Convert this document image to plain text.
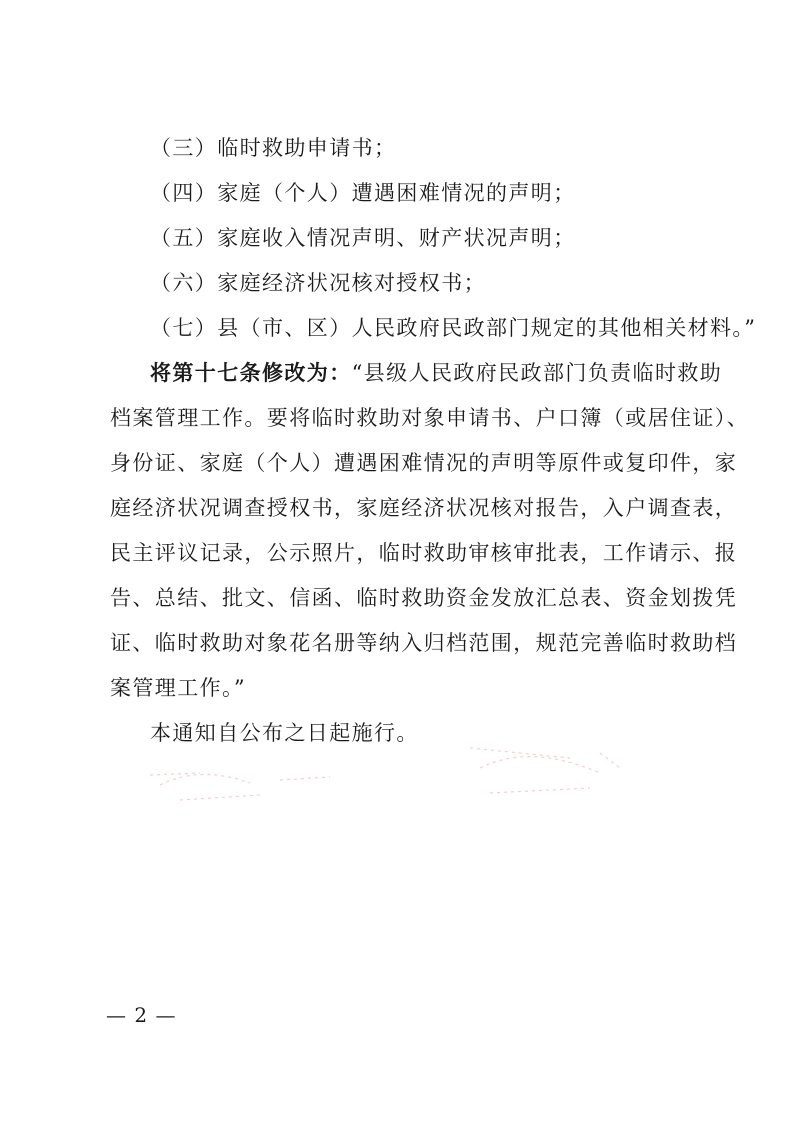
（三）临时救助申请书；
（四）家庭（个人）遭遇困难情况的声明；
（五）家庭收入情况声明、财产状况声明；
（六）家庭经济状况核对授权书；
（七）县（市、区）人民政府民政部门规定的其他相关材料。”
将第十七条修改为：“县级人民政府民政部门负责临时救助
档案管理工作。要将临时救助对象申请书、户口簿（或居住证）、
身份证、家庭（个人）遭遇困难情况的声明等原件或复印件，家
庭经济状况调查授权书，家庭经济状况核对报告，入户调查表，
民主评议记录，公示照片，临时救助审核审批表，工作请示、报
告、总结、批文、信函、临时救助资金发放汇总表、资金划拨凭
证、临时救助对象花名册等纳入归档范围，规范完善临时救助档
案管理工作。”
本通知自公布之日起施行。
— 2 —
